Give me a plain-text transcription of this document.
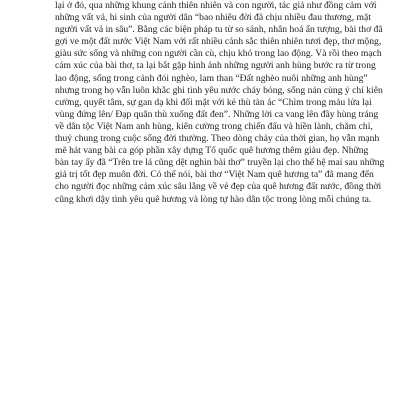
lại ở đó, qua những khung cảnh thiên nhiên và con người, tác giả như đồng cảm với
những vất vả, hi sinh của người dân “bao nhiêu đời đã chịu nhiều đau thương, mặt
người vất vả in sâu”. Bằng các biện pháp tu từ so sánh, nhân hoá ẩn tượng, bài thơ đã
gợi ve một đất nước Việt Nam với rất nhiều cảnh sắc thiên nhiên tươi đẹp, thơ mộng,
giàu sức sống và những con người cần cù, chịu khó trong lao động. Và rồi theo mạch
cảm xúc của bài thơ, ta lại bắt gặp hình ảnh những người anh hùng bước ra từ trong
lao động, sống trong cảnh đói nghèo, lam than “Đất nghèo nuôi những anh hùng”
nhưng trong họ vẫn luôn khắc ghi tình yêu nước cháy bỏng, sống nản cùng ý chí kiên
cường, quyết tâm, sự gan dạ khi đối mặt với kẻ thù tàn ác “Chìm trong máu lửa lại
vùng đứng lên/ Đạp quân thù xuống đất đen”. Những lời ca vang lên đầy hùng tráng
về dân tộc Việt Nam anh hùng, kiên cường trong chiến đấu và hiền lành, chăm chỉ,
thuỷ chung trong cuộc sống đời thường. Theo dòng chảy của thời gian, họ vẫn mạnh
mẽ hát vang bài ca góp phần xây dựng Tổ quốc quê hương thêm giàu đẹp. Những
bàn tay ấy đã “Trên tre lá cũng dệt nghìn bài thơ” truyền lại cho thế hệ mai sau những
giá trị tốt đẹp muôn đời. Có thể nói, bài thơ “Việt Nam quê hương ta” đã mang đến
cho người đọc những cảm xúc sâu lắng về vẻ đẹp của quê hương đất nước, đồng thời
cũng khơi dậy tình yêu quê hương và lòng tự hào dân tộc trong lòng mỗi chúng ta.
